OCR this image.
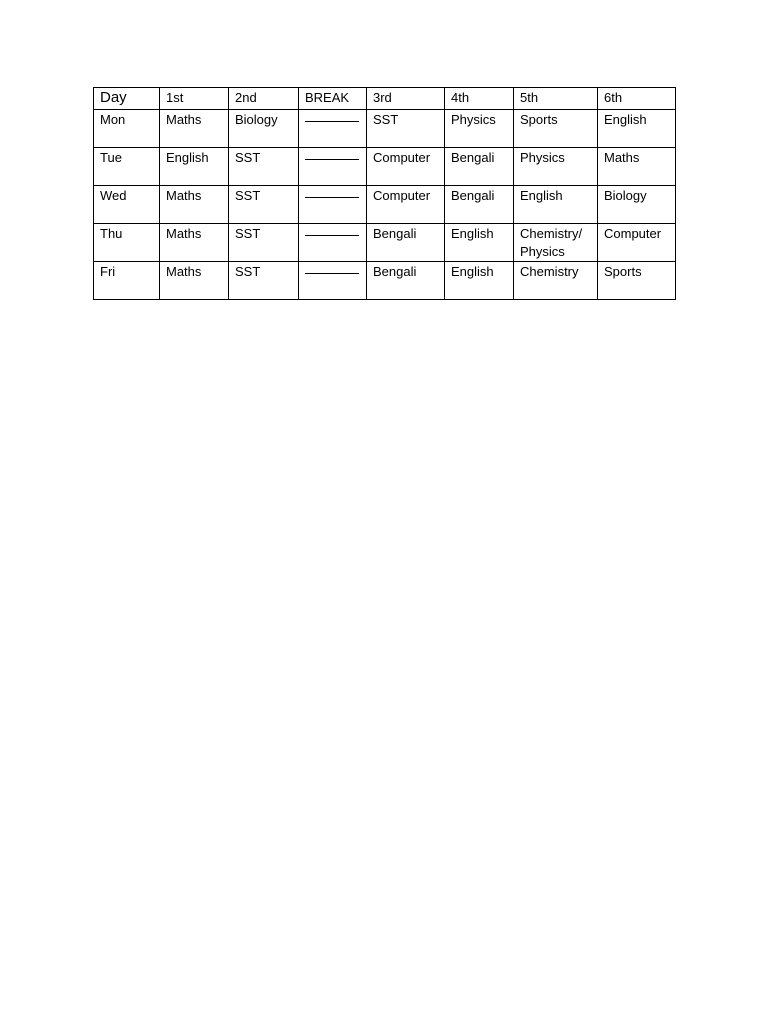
Day	1st	2nd	BREAK	3rd	4th	5th	6th
Mon	Maths	Biology		SST	Physics	Sports	English
Tue	English	SST		Computer	Bengali	Physics	Maths
Wed	Maths	SST		Computer	Bengali	English	Biology
Thu	Maths	SST		Bengali	English	Chemistry/ Physics	Computer
Fri	Maths	SST		Bengali	English	Chemistry	Sports
